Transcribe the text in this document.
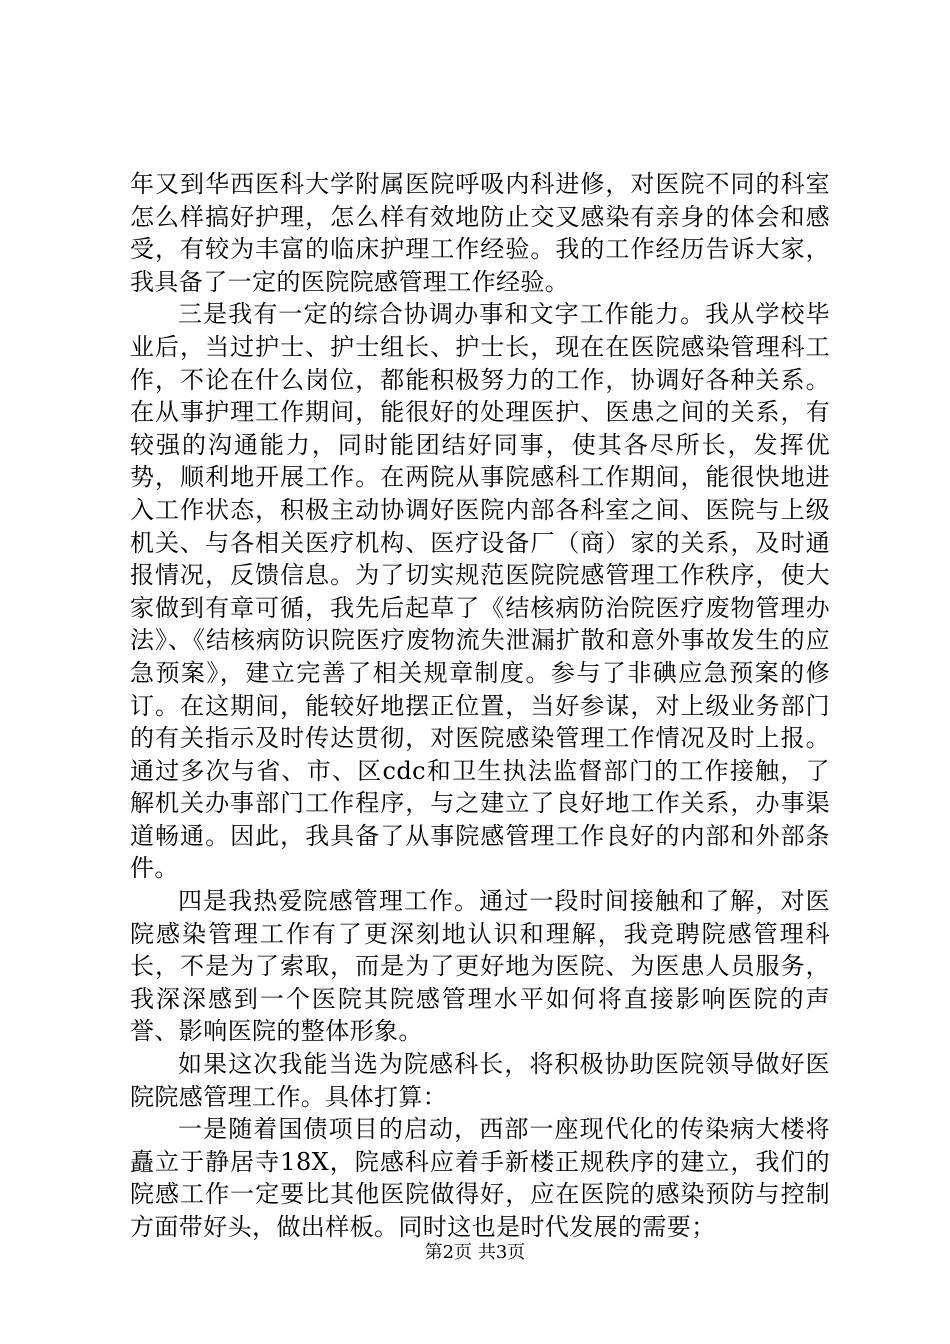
年又到华西医科大学附属医院呼吸内科进修，对医院不同的科室怎么样搞好护理，怎么样有效地防止交叉感染有亲身的体会和感受，有较为丰富的临床护理工作经验。我的工作经历告诉大家，我具备了一定的医院院感管理工作经验。

三是我有一定的综合协调办事和文字工作能力。我从学校毕业后，当过护士、护士组长、护士长，现在在医院感染管理科工作，不论在什么岗位，都能积极努力的工作，协调好各种关系。在从事护理工作期间，能很好的处理医护、医患之间的关系，有较强的沟通能力，同时能团结好同事，使其各尽所长，发挥优势，顺利地开展工作。在两院从事院感科工作期间，能很快地进入工作状态，积极主动协调好医院内部各科室之间、医院与上级机关、与各相关医疗机构、医疗设备厂（商）家的关系，及时通报情况，反馈信息。为了切实规范医院院感管理工作秩序，使大家做到有章可循，我先后起草了《结核病防治院医疗废物管理办法》、《结核病防识院医疗废物流失泄漏扩散和意外事故发生的应急预案》，建立完善了相关规章制度。参与了非碘应急预案的修订。在这期间，能较好地摆正位置，当好参谋，对上级业务部门的有关指示及时传达贯彻，对医院感染管理工作情况及时上报。通过多次与省、市、区cdc和卫生执法监督部门的工作接触，了解机关办事部门工作程序，与之建立了良好地工作关系，办事渠道畅通。因此，我具备了从事院感管理工作良好的内部和外部条件。

四是我热爱院感管理工作。通过一段时间接触和了解，对医院感染管理工作有了更深刻地认识和理解，我竞聘院感管理科长，不是为了索取，而是为了更好地为医院、为医患人员服务，我深深感到一个医院其院感管理水平如何将直接影响医院的声誉、影响医院的整体形象。

如果这次我能当选为院感科长，将积极协助医院领导做好医院院感管理工作。具体打算：

一是随着国债项目的启动，西部一座现代化的传染病大楼将矗立于静居寺18X，院感科应着手新楼正规秩序的建立，我们的院感工作一定要比其他医院做得好，应在医院的感染预防与控制方面带好头，做出样板。同时这也是时代发展的需要；

第2页 共3页
